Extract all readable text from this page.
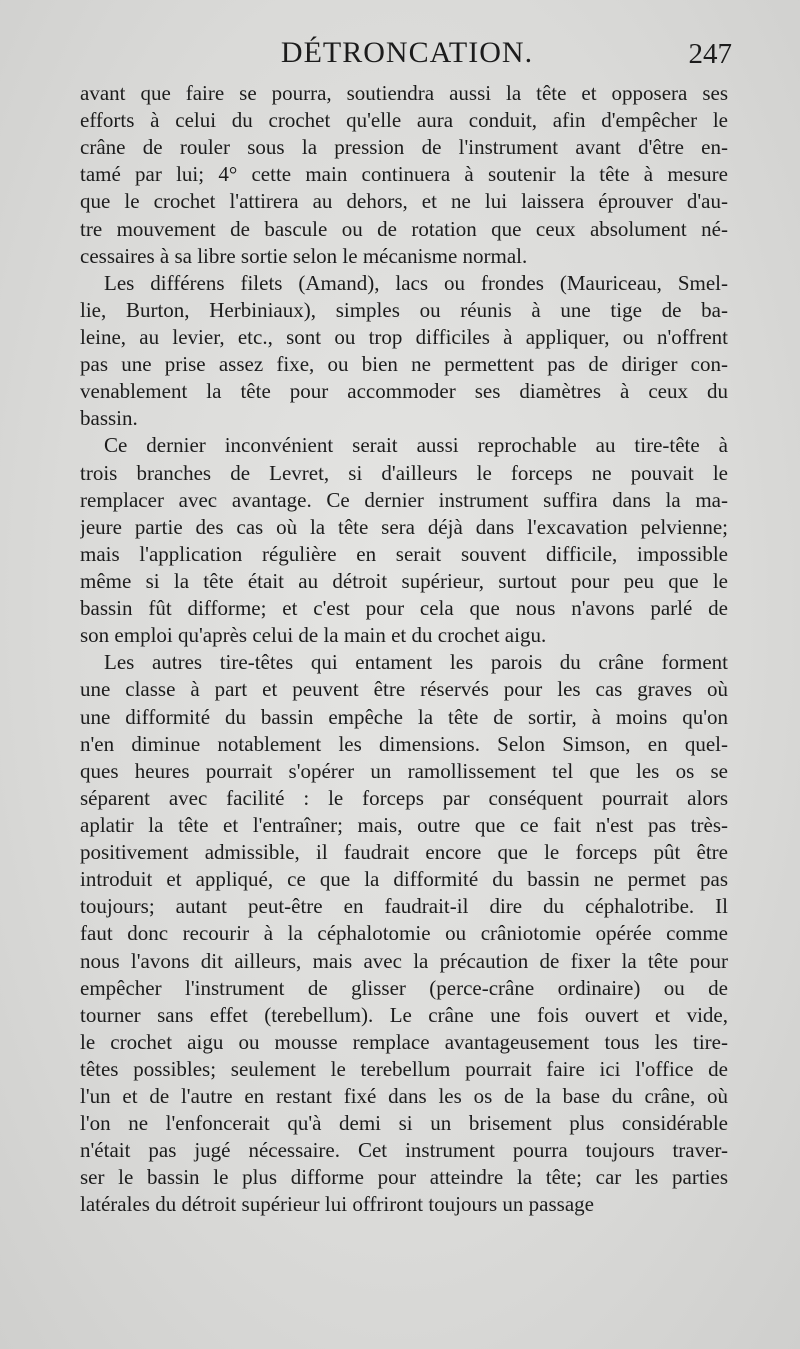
DÉTRONCATION.	247
avant que faire se pourra, soutiendra aussi la tête et opposera ses
efforts à celui du crochet qu'elle aura conduit, afin d'empêcher le
crâne de rouler sous la pression de l'instrument avant d'être en-
tamé par lui; 4° cette main continuera à soutenir la tête à mesure
que le crochet l'attirera au dehors, et ne lui laissera éprouver d'au-
tre mouvement de bascule ou de rotation que ceux absolument né-
cessaires à sa libre sortie selon le mécanisme normal.
Les différens filets (Amand), lacs ou frondes (Mauriceau, Smel-
lie, Burton, Herbiniaux), simples ou réunis à une tige de ba-
leine, au levier, etc., sont ou trop difficiles à appliquer, ou n'offrent
pas une prise assez fixe, ou bien ne permettent pas de diriger con-
venablement la tête pour accommoder ses diamètres à ceux du
bassin.
Ce dernier inconvénient serait aussi reprochable au tire-tête à
trois branches de Levret, si d'ailleurs le forceps ne pouvait le
remplacer avec avantage. Ce dernier instrument suffira dans la ma-
jeure partie des cas où la tête sera déjà dans l'excavation pelvienne;
mais l'application régulière en serait souvent difficile, impossible
même si la tête était au détroit supérieur, surtout pour peu que le
bassin fût difforme; et c'est pour cela que nous n'avons parlé de
son emploi qu'après celui de la main et du crochet aigu.
Les autres tire-têtes qui entament les parois du crâne forment
une classe à part et peuvent être réservés pour les cas graves où
une difformité du bassin empêche la tête de sortir, à moins qu'on
n'en diminue notablement les dimensions. Selon Simson, en quel-
ques heures pourrait s'opérer un ramollissement tel que les os se
séparent avec facilité : le forceps par conséquent pourrait alors
aplatir la tête et l'entraîner; mais, outre que ce fait n'est pas très-
positivement admissible, il faudrait encore que le forceps pût être
introduit et appliqué, ce que la difformité du bassin ne permet pas
toujours; autant peut-être en faudrait-il dire du céphalotribe. Il
faut donc recourir à la céphalotomie ou crâniotomie opérée comme
nous l'avons dit ailleurs, mais avec la précaution de fixer la tête pour
empêcher l'instrument de glisser (perce-crâne ordinaire) ou de
tourner sans effet (terebellum). Le crâne une fois ouvert et vide,
le crochet aigu ou mousse remplace avantageusement tous les tire-
têtes possibles; seulement le terebellum pourrait faire ici l'office de
l'un et de l'autre en restant fixé dans les os de la base du crâne, où
l'on ne l'enfoncerait qu'à demi si un brisement plus considérable
n'était pas jugé nécessaire. Cet instrument pourra toujours traver-
ser le bassin le plus difforme pour atteindre la tête; car les parties
latérales du détroit supérieur lui offriront toujours un passage
